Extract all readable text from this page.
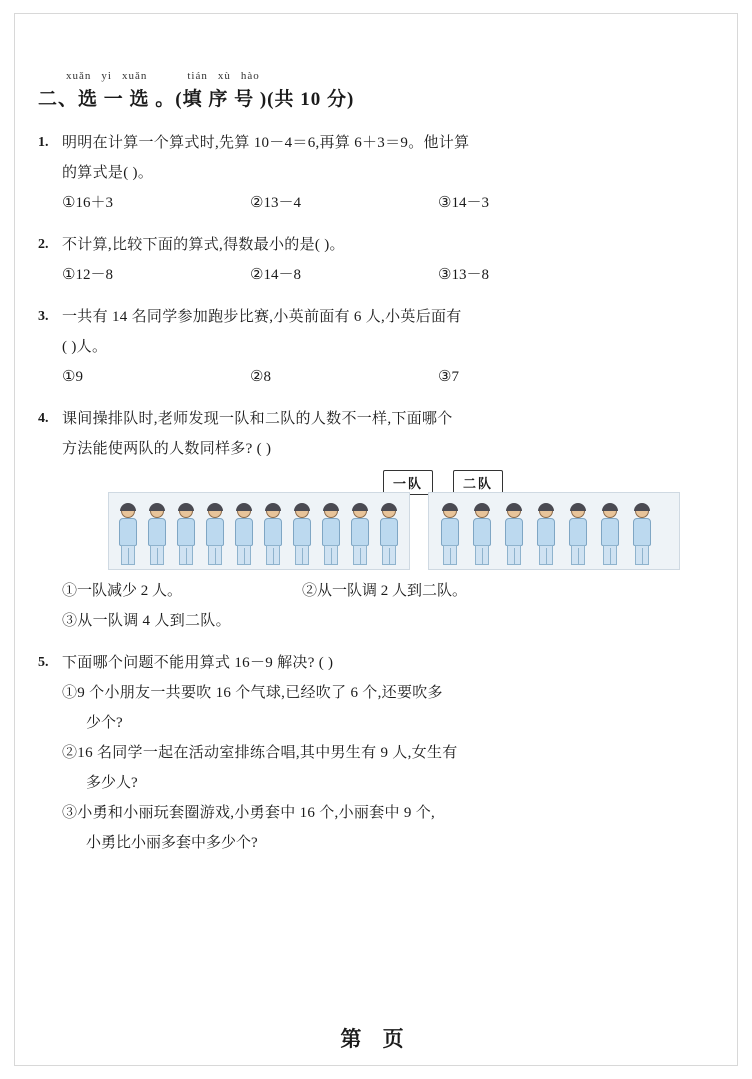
xuǎn yi xuǎn	tián xù hào
二、选 一 选 。(填 序 号 )(共 10 分)
1. 明明在计算一个算式时,先算 10－4＝6,再算 6＋3＝9。他计算
的算式是( )。
①16＋3	②13－4	③14－3
2. 不计算,比较下面的算式,得数最小的是( )。
①12－8	②14－8	③13－8
3. 一共有 14 名同学参加跑步比赛,小英前面有 6 人,小英后面有
( )人。
①9	②8	③7
4. 课间操排队时,老师发现一队和二队的人数不一样,下面哪个
方法能使两队的人数同样多? ( )
一队	二队
①一队减少 2 人。	②从一队调 2 人到二队。
③从一队调 4 人到二队。
5. 下面哪个问题不能用算式 16－9 解决? ( )
①9 个小朋友一共要吹 16 个气球,已经吹了 6 个,还要吹多
少个?
②16 名同学一起在活动室排练合唱,其中男生有 9 人,女生有
多少人?
③小勇和小丽玩套圈游戏,小勇套中 16 个,小丽套中 9 个,
小勇比小丽多套中多少个?
第 页
